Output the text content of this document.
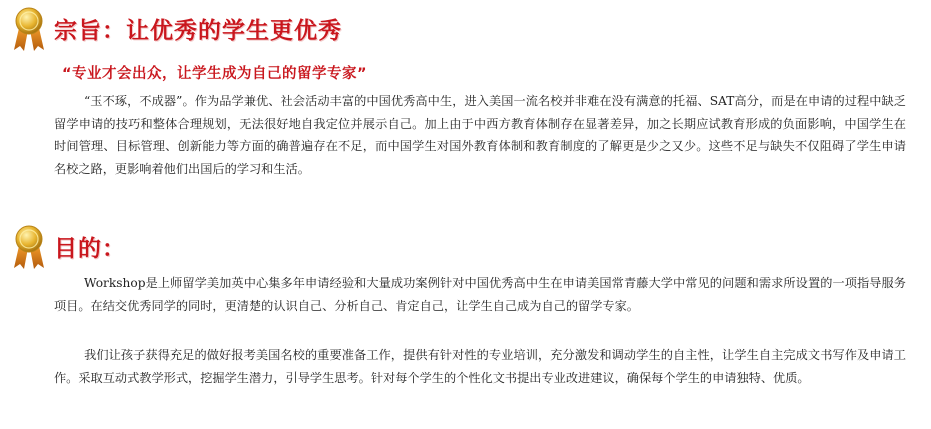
宗旨：让优秀的学生更优秀
“专业才会出众，让学生成为自己的留学专家”

“玉不琢，不成器”。作为品学兼优、社会活动丰富的中国优秀高中生，进入美国一流名校并非难在没有满意的托福、SAT高分，而是在申请的过程中缺乏留学申请的技巧和整体合理规划，无法很好地自我定位并展示自己。加上由于中西方教育体制存在显著差异，加之长期应试教育形成的负面影响，中国学生在时间管理、目标管理、创新能力等方面的确普遍存在不足，而中国学生对国外教育体制和教育制度的了解更是少之又少。这些不足与缺失不仅阻碍了学生申请名校之路，更影响着他们出国后的学习和生活。

目的：

Workshop是上师留学美加英中心集多年申请经验和大量成功案例针对中国优秀高中生在申请美国常青藤大学中常见的问题和需求所设置的一项指导服务项目。在结交优秀同学的同时，更清楚的认识自己、分析自己、肯定自己，让学生自己成为自己的留学专家。

我们让孩子获得充足的做好报考美国名校的重要准备工作，提供有针对性的专业培训，充分激发和调动学生的自主性，让学生自主完成文书写作及申请工作。采取互动式教学形式，挖掘学生潜力，引导学生思考。针对每个学生的个性化文书提出专业改进建议，确保每个学生的申请独特、优质。
